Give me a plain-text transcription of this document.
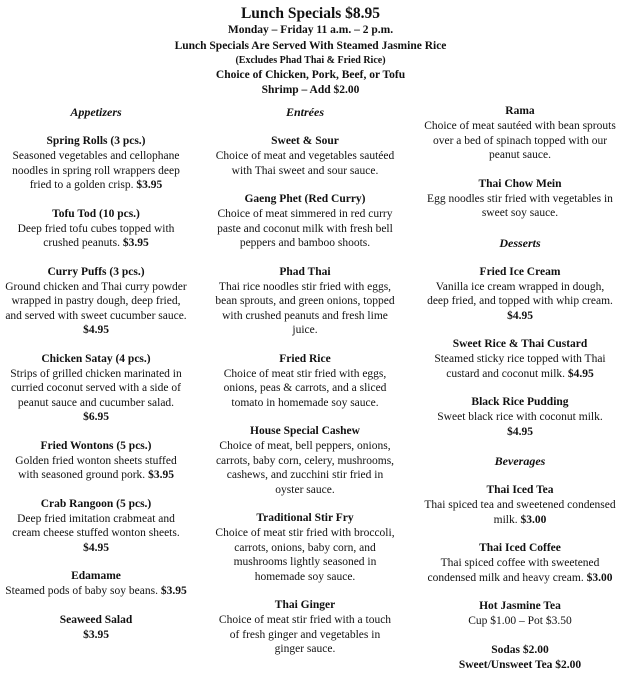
Lunch Specials $8.95
Monday – Friday 11 a.m. – 2 p.m.
Lunch Specials Are Served With Steamed Jasmine Rice
(Excludes Phad Thai & Fried Rice)
Choice of Chicken, Pork, Beef, or Tofu
Shrimp – Add $2.00
Appetizers
Spring Rolls (3 pcs.)
Seasoned vegetables and cellophane noodles in spring roll wrappers deep fried to a golden crisp. $3.95
Tofu Tod (10 pcs.)
Deep fried tofu cubes topped with crushed peanuts. $3.95
Curry Puffs (3 pcs.)
Ground chicken and Thai curry powder wrapped in pastry dough, deep fried, and served with sweet cucumber sauce. $4.95
Chicken Satay (4 pcs.)
Strips of grilled chicken marinated in curried coconut served with a side of peanut sauce and cucumber salad. $6.95
Fried Wontons (5 pcs.)
Golden fried wonton sheets stuffed with seasoned ground pork. $3.95
Crab Rangoon (5 pcs.)
Deep fried imitation crabmeat and cream cheese stuffed wonton sheets. $4.95
Edamame
Steamed pods of baby soy beans. $3.95
Seaweed Salad
$3.95
Entrées
Sweet & Sour
Choice of meat and vegetables sautéed with Thai sweet and sour sauce.
Gaeng Phet (Red Curry)
Choice of meat simmered in red curry paste and coconut milk with fresh bell peppers and bamboo shoots.
Phad Thai
Thai rice noodles stir fried with eggs, bean sprouts, and green onions, topped with crushed peanuts and fresh lime juice.
Fried Rice
Choice of meat stir fried with eggs, onions, peas & carrots, and a sliced tomato in homemade soy sauce.
House Special Cashew
Choice of meat, bell peppers, onions, carrots, baby corn, celery, mushrooms, cashews, and zucchini stir fried in oyster sauce.
Traditional Stir Fry
Choice of meat stir fried with broccoli, carrots, onions, baby corn, and mushrooms lightly seasoned in homemade soy sauce.
Thai Ginger
Choice of meat stir fried with a touch of fresh ginger and vegetables in ginger sauce.
Rama
Choice of meat sautéed with bean sprouts over a bed of spinach topped with our peanut sauce.
Thai Chow Mein
Egg noodles stir fried with vegetables in sweet soy sauce.
Desserts
Fried Ice Cream
Vanilla ice cream wrapped in dough, deep fried, and topped with whip cream. $4.95
Sweet Rice & Thai Custard
Steamed sticky rice topped with Thai custard and coconut milk. $4.95
Black Rice Pudding
Sweet black rice with coconut milk. $4.95
Beverages
Thai Iced Tea
Thai spiced tea and sweetened condensed milk. $3.00
Thai Iced Coffee
Thai spiced coffee with sweetened condensed milk and heavy cream. $3.00
Hot Jasmine Tea
Cup $1.00 – Pot $3.50
Sodas $2.00
Sweet/Unsweet Tea $2.00
